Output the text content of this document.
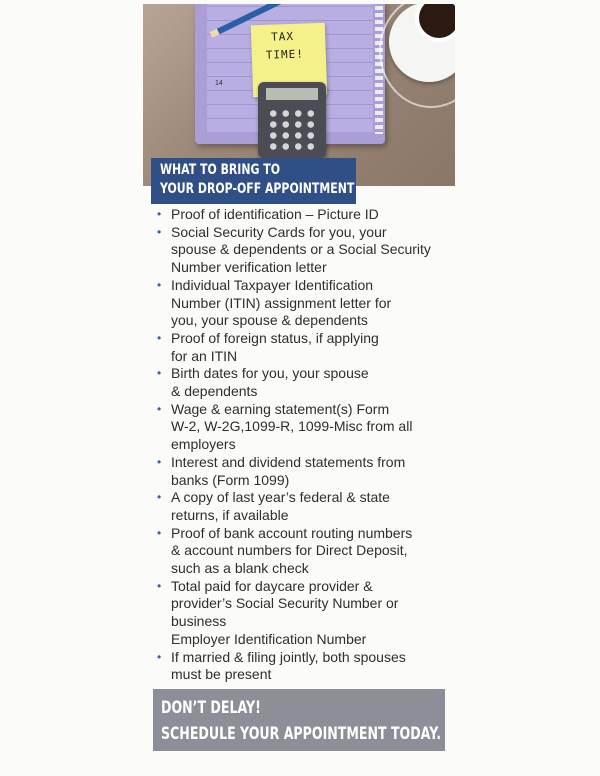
14
TAX
TIME!
WHAT TO BRING TO
YOUR DROP-OFF APPOINTMENT
• Proof of identification – Picture ID
• Social Security Cards for you, your
spouse & dependents or a Social Security
Number verification letter
• Individual Taxpayer Identification
Number (ITIN) assignment letter for
you, your spouse & dependents
• Proof of foreign status, if applying
for an ITIN
• Birth dates for you, your spouse
& dependents
• Wage & earning statement(s) Form
W-2, W-2G,1099-R, 1099-Misc from all
employers
• Interest and dividend statements from
banks (Form 1099)
• A copy of last year’s federal & state
returns, if available
• Proof of bank account routing numbers
& account numbers for Direct Deposit,
such as a blank check
• Total paid for daycare provider &
provider’s Social Security Number or
business
Employer Identification Number
• If married & filing jointly, both spouses
must be present
DON’T DELAY!
SCHEDULE YOUR APPOINTMENT TODAY.
